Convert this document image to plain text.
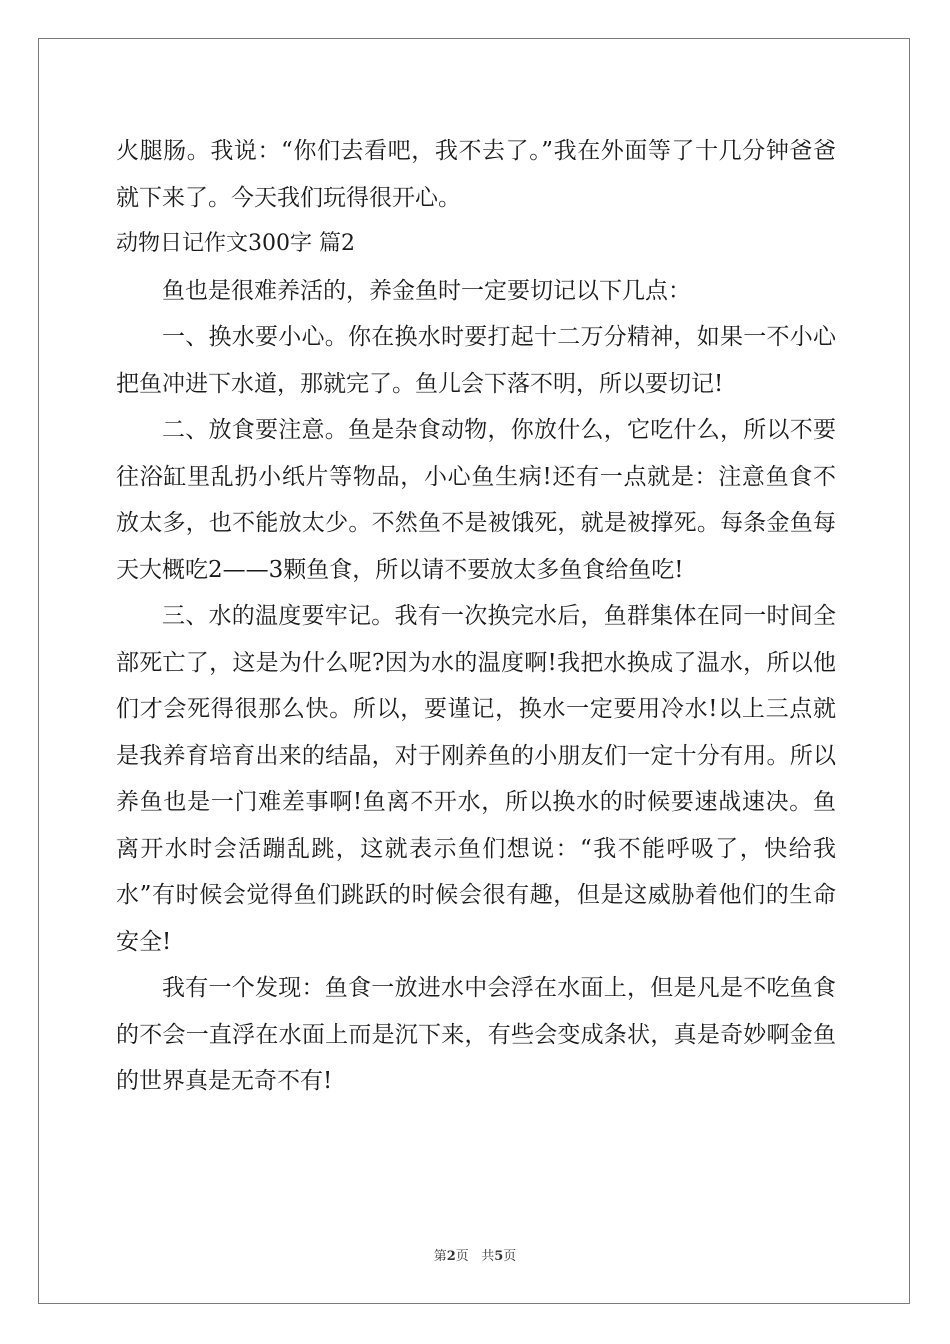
火腿肠。我说：“你们去看吧，我不去了。”我在外面等了十几分钟爸爸就下来了。今天我们玩得很开心。

动物日记作文300字 篇2

鱼也是很难养活的，养金鱼时一定要切记以下几点：

一、换水要小心。你在换水时要打起十二万分精神，如果一不小心把鱼冲进下水道，那就完了。鱼儿会下落不明，所以要切记!

二、放食要注意。鱼是杂食动物，你放什么，它吃什么，所以不要往浴缸里乱扔小纸片等物品，小心鱼生病!还有一点就是：注意鱼食不放太多，也不能放太少。不然鱼不是被饿死，就是被撑死。每条金鱼每天大概吃2——3颗鱼食，所以请不要放太多鱼食给鱼吃!

三、水的温度要牢记。我有一次换完水后，鱼群集体在同一时间全部死亡了，这是为什么呢?因为水的温度啊!我把水换成了温水，所以他们才会死得很那么快。所以，要谨记，换水一定要用冷水!以上三点就是我养育培育出来的结晶，对于刚养鱼的小朋友们一定十分有用。所以养鱼也是一门难差事啊!鱼离不开水，所以换水的时候要速战速决。鱼离开水时会活蹦乱跳，这就表示鱼们想说：“我不能呼吸了，快给我水”有时候会觉得鱼们跳跃的时候会很有趣，但是这威胁着他们的生命安全!

我有一个发现：鱼食一放进水中会浮在水面上，但是凡是不吃鱼食的不会一直浮在水面上而是沉下来，有些会变成条状，真是奇妙啊金鱼的世界真是无奇不有!

第2页 共5页
